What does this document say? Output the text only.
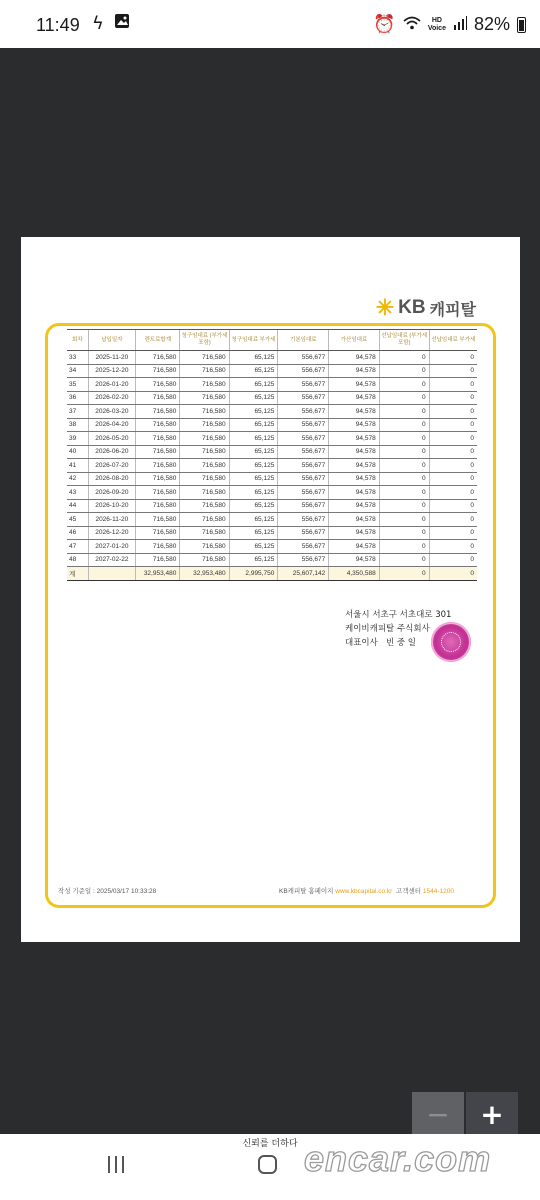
11:49 ϟ	⏰	HD
Voice 82%
✳ KB 캐피탈
회차	납입일자	렌트료합계	청구임대료 (부가세포함)	청구임대료 부가세	기본임대료	가산임대료	선납임대료 (부가세포함)	선납임대료 부가세
33	2025-11-20	716,580	716,580	65,125	556,677	94,578	0	0
34	2025-12-20	716,580	716,580	65,125	556,677	94,578	0	0
35	2026-01-20	716,580	716,580	65,125	556,677	94,578	0	0
36	2026-02-20	716,580	716,580	65,125	556,677	94,578	0	0
37	2026-03-20	716,580	716,580	65,125	556,677	94,578	0	0
38	2026-04-20	716,580	716,580	65,125	556,677	94,578	0	0
39	2026-05-20	716,580	716,580	65,125	556,677	94,578	0	0
40	2026-06-20	716,580	716,580	65,125	556,677	94,578	0	0
41	2026-07-20	716,580	716,580	65,125	556,677	94,578	0	0
42	2026-08-20	716,580	716,580	65,125	556,677	94,578	0	0
43	2026-09-20	716,580	716,580	65,125	556,677	94,578	0	0
44	2026-10-20	716,580	716,580	65,125	556,677	94,578	0	0
45	2026-11-20	716,580	716,580	65,125	556,677	94,578	0	0
46	2026-12-20	716,580	716,580	65,125	556,677	94,578	0	0
47	2027-01-20	716,580	716,580	65,125	556,677	94,578	0	0
48	2027-02-22	716,580	716,580	65,125	556,677	94,578	0	0
계		32,953,480	32,953,480	2,995,750	25,607,142	4,350,588	0	0
서울시 서초구 서초대로 301
케이비캐피탈 주식회사
대표이사 빈 중 일
작성 기준일 : 2025/03/17 10:33:28	KB캐피탈 홈페이지 www.kbcapital.co.kr 고객센터 1544-1200
−	+
신뢰를 더하다 encar.com
